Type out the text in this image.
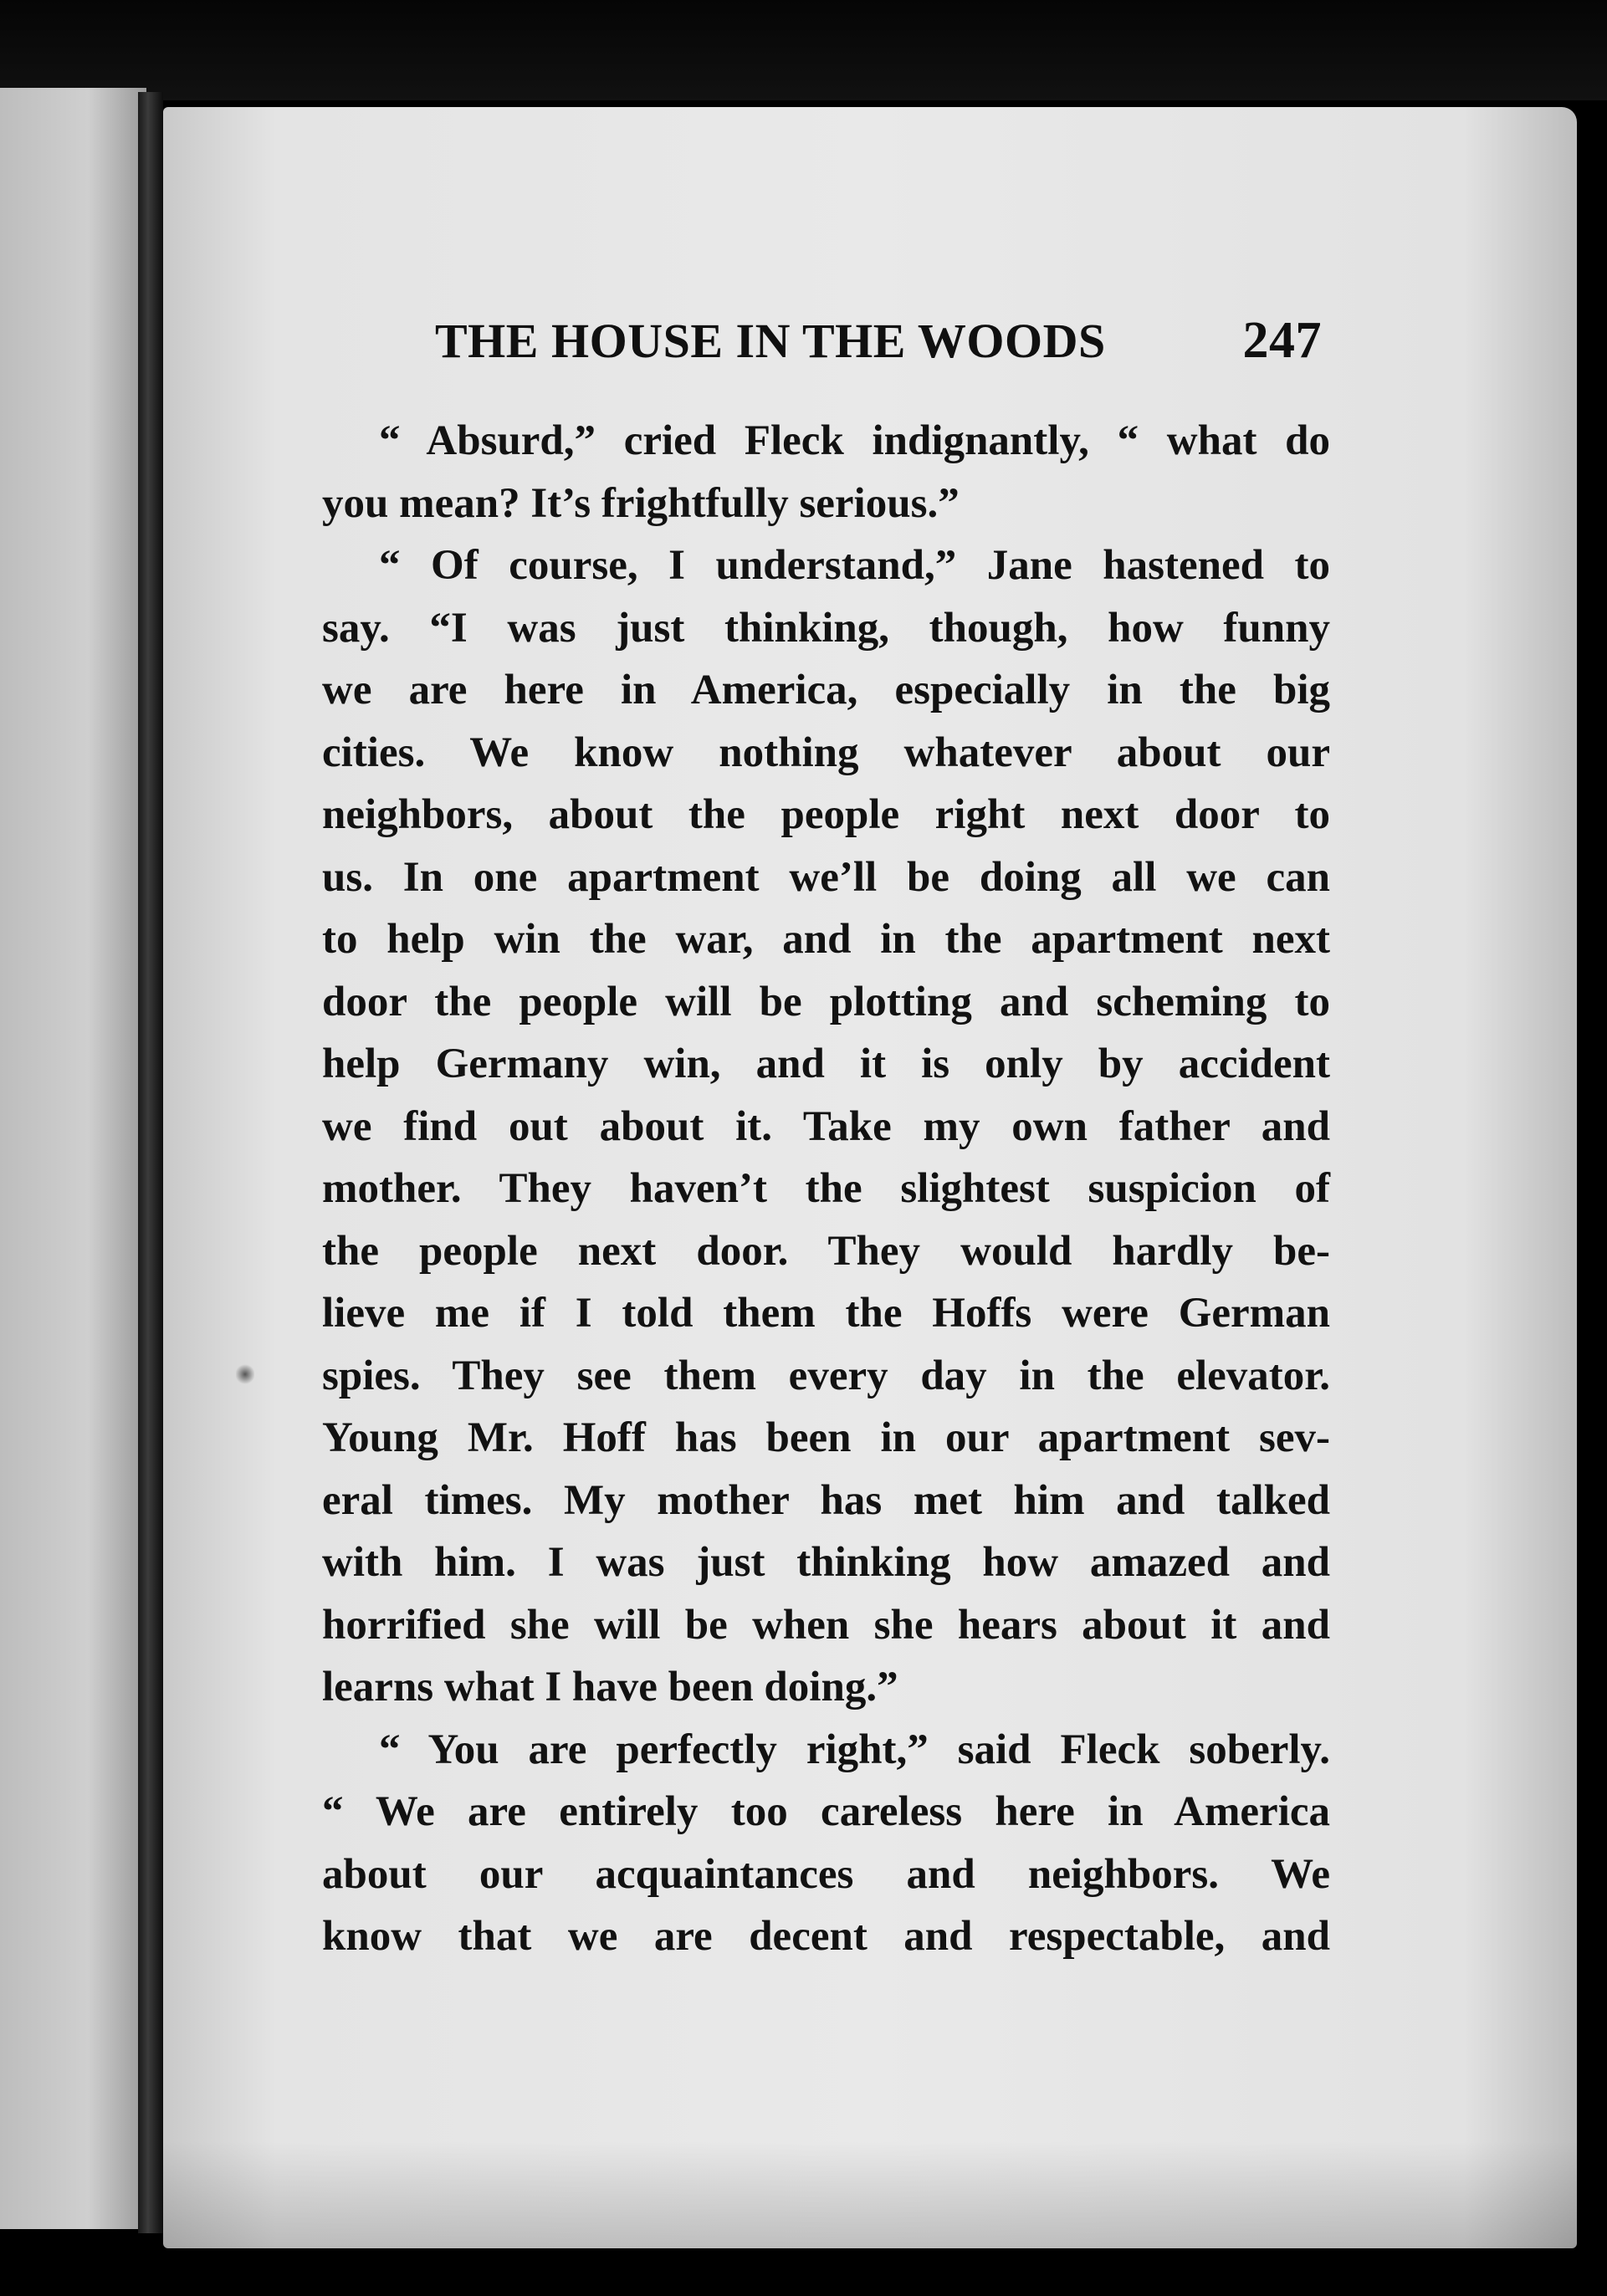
THE HOUSE IN THE WOODS	247
“ Absurd,” cried Fleck indignantly, “ what do
you mean? It’s frightfully serious.”
“ Of course, I understand,” Jane hastened to
say. “I was just thinking, though, how funny
we are here in America, especially in the big
cities. We know nothing whatever about our
neighbors, about the people right next door to
us. In one apartment we’ll be doing all we can
to help win the war, and in the apartment next
door the people will be plotting and scheming to
help Germany win, and it is only by accident
we find out about it. Take my own father and
mother. They haven’t the slightest suspicion of
the people next door. They would hardly be-
lieve me if I told them the Hoffs were German
spies. They see them every day in the elevator.
Young Mr. Hoff has been in our apartment sev-
eral times. My mother has met him and talked
with him. I was just thinking how amazed and
horrified she will be when she hears about it and
learns what I have been doing.”
“ You are perfectly right,” said Fleck soberly.
“ We are entirely too careless here in America
about our acquaintances and neighbors. We
know that we are decent and respectable, and
